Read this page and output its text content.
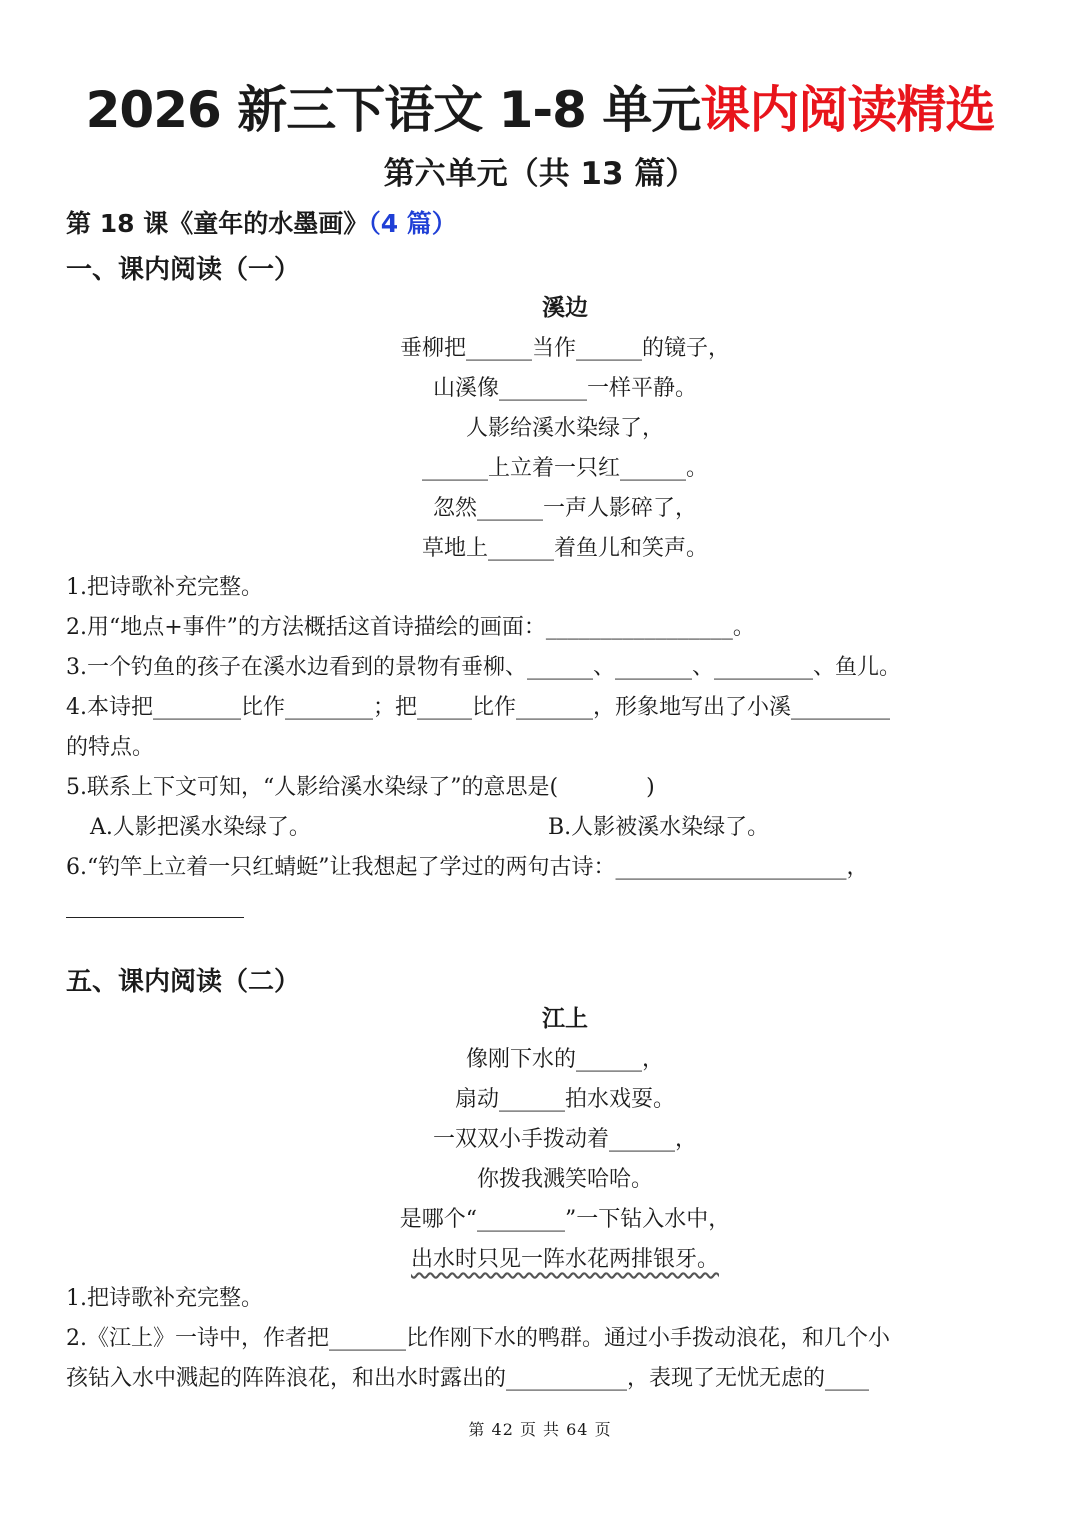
2026 新三下语文 1-8 单元课内阅读精选
第六单元（共 13 篇）
第 18 课《童年的水墨画》（4 篇）
一、课内阅读（一）
溪边
垂柳把______当作______的镜子，
山溪像________一样平静。
人影给溪水染绿了，
______上立着一只红______。
忽然______一声人影碎了，
草地上______着鱼儿和笑声。
1.把诗歌补充完整。
2.用“地点+事件”的方法概括这首诗描绘的画面：_________________。
3.一个钓鱼的孩子在溪水边看到的景物有垂柳、______、_______、_________、鱼儿。
4.本诗把________比作________；把_____比作_______，形象地写出了小溪_________
的特点。
5.联系上下文可知，“人影给溪水染绿了”的意思是(　　　　)
A.人影把溪水染绿了。	B.人影被溪水染绿了。
6.“钓竿上立着一只红蜻蜓”让我想起了学过的两句古诗：_____________________，
五、课内阅读（二）
江上
像刚下水的______，
扇动______拍水戏耍。
一双双小手拨动着______，
你拨我溅笑哈哈。
是哪个“________”一下钻入水中，
出水时只见一阵水花两排银牙。
1.把诗歌补充完整。
2.《江上》一诗中，作者把_______比作刚下水的鸭群。通过小手拨动浪花，和几个小
孩钻入水中溅起的阵阵浪花，和出水时露出的___________，表现了无忧无虑的____
第 42 页 共 64 页
